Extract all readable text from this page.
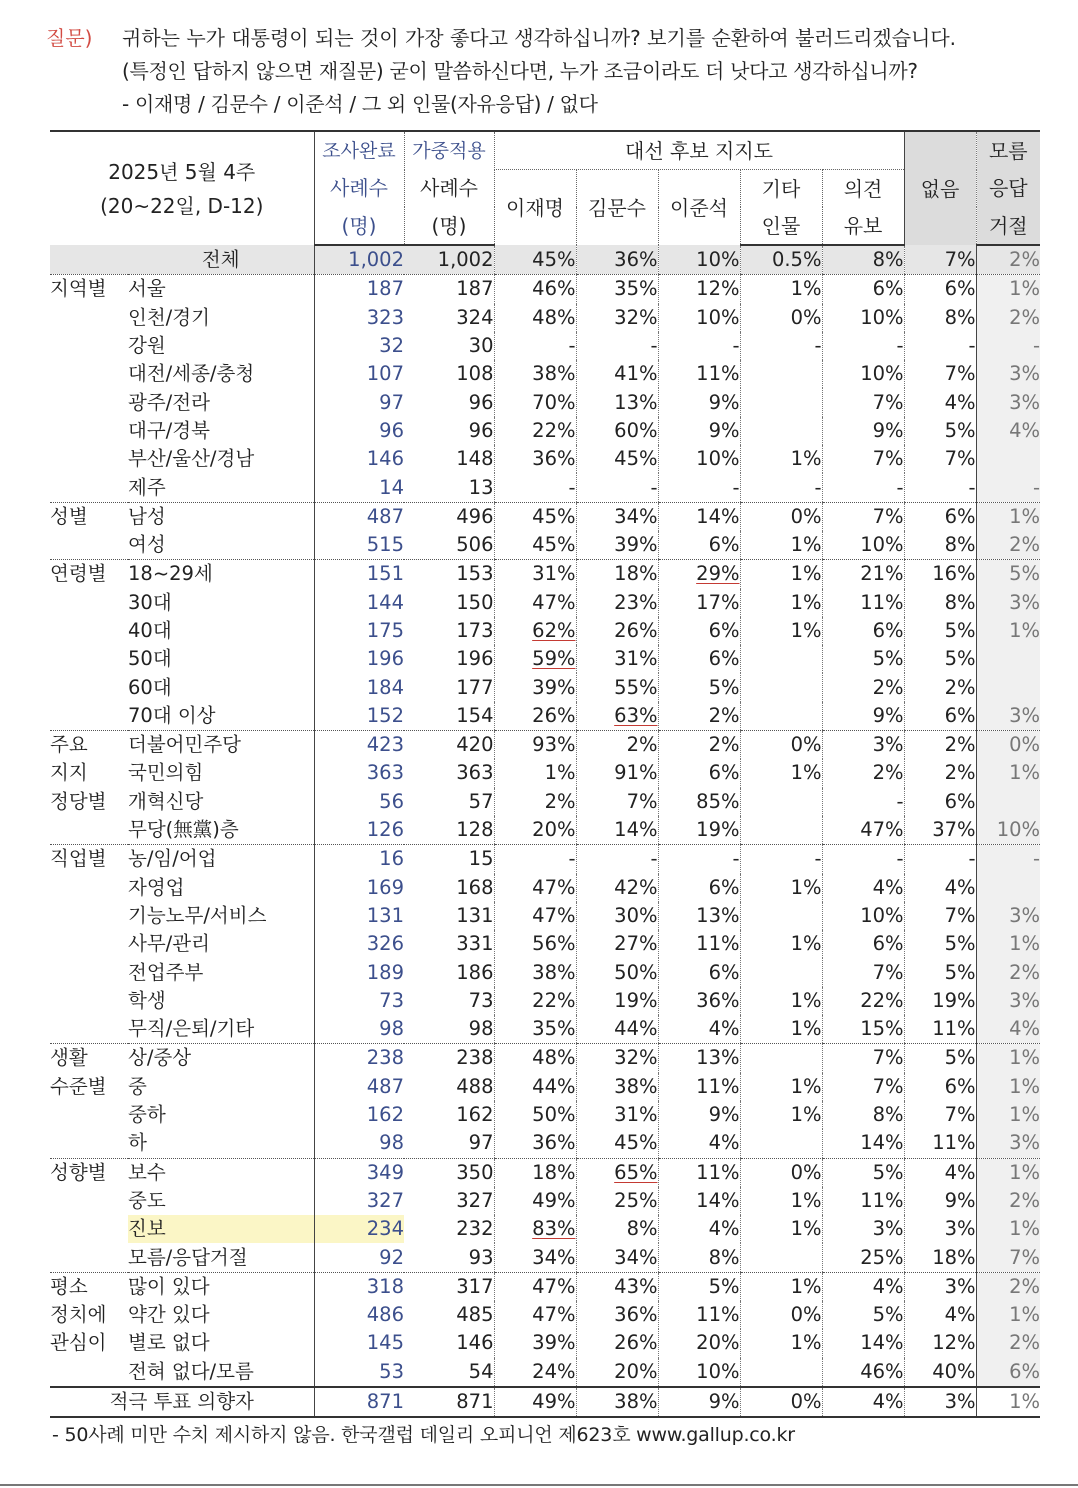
질문) 귀하는 누가 대통령이 되는 것이 가장 좋다고 생각하십니까? 보기를 순환하여 불러드리겠습니다.
(특정인 답하지 않으면 재질문) 굳이 말씀하신다면, 누가 조금이라도 더 낫다고 생각하십니까?
- 이재명 / 김문수 / 이준석 / 그 외 인물(자유응답) / 없다
2025년 5월 4주
(20~22일, D-12)		조사완료	가중적용	대선 후보 지지도					없음	모름
		사례수	사례수	이재명	김문수	이준석	기타	의견		응답
		(명)	(명)				인물	유보		거절
	전체	1,002	1,002	45%	36%	10%	0.5%	8%	7%	2%
지역별	서울	187	187	46%	35%	12%	1%	6%	6%	1%
	인천/경기	323	324	48%	32%	10%	0%	10%	8%	2%
	강원	32	30	-	-	-	-	-	-	-
	대전/세종/충청	107	108	38%	41%	11%		10%	7%	3%
	광주/전라	97	96	70%	13%	9%		7%	4%	3%
	대구/경북	96	96	22%	60%	9%		9%	5%	4%
	부산/울산/경남	146	148	36%	45%	10%	1%	7%	7%	
	제주	14	13	-	-	-	-	-	-	-
성별	남성	487	496	45%	34%	14%	0%	7%	6%	1%
	여성	515	506	45%	39%	6%	1%	10%	8%	2%
연령별	18~29세	151	153	31%	18%	29%	1%	21%	16%	5%
	30대	144	150	47%	23%	17%	1%	11%	8%	3%
	40대	175	173	62%	26%	6%	1%	6%	5%	1%
	50대	196	196	59%	31%	6%		5%	5%	
	60대	184	177	39%	55%	5%		2%	2%	
	70대 이상	152	154	26%	63%	2%		9%	6%	3%
주요	더불어민주당	423	420	93%	2%	2%	0%	3%	2%	0%
지지	국민의힘	363	363	1%	91%	6%	1%	2%	2%	1%
정당별	개혁신당	56	57	2%	7%	85%		-	6%	
	무당(無黨)층	126	128	20%	14%	19%		47%	37%	10%
직업별	농/임/어업	16	15	-	-	-	-	-	-	-
	자영업	169	168	47%	42%	6%	1%	4%	4%	
	기능노무/서비스	131	131	47%	30%	13%		10%	7%	3%
	사무/관리	326	331	56%	27%	11%	1%	6%	5%	1%
	전업주부	189	186	38%	50%	6%		7%	5%	2%
	학생	73	73	22%	19%	36%	1%	22%	19%	3%
	무직/은퇴/기타	98	98	35%	44%	4%	1%	15%	11%	4%
생활	상/중상	238	238	48%	32%	13%		7%	5%	1%
수준별	중	487	488	44%	38%	11%	1%	7%	6%	1%
	중하	162	162	50%	31%	9%	1%	8%	7%	1%
	하	98	97	36%	45%	4%		14%	11%	3%
성향별	보수	349	350	18%	65%	11%	0%	5%	4%	1%
	중도	327	327	49%	25%	14%	1%	11%	9%	2%
	진보	234	232	83%	8%	4%	1%	3%	3%	1%
	모름/응답거절	92	93	34%	34%	8%		25%	18%	7%
평소	많이 있다	318	317	47%	43%	5%	1%	4%	3%	2%
정치에	약간 있다	486	485	47%	36%	11%	0%	5%	4%	1%
관심이	별로 없다	145	146	39%	26%	20%	1%	14%	12%	2%
	전혀 없다/모름	53	54	24%	20%	10%		46%	40%	6%
적극 투표 의향자		871	871	49%	38%	9%	0%	4%	3%	1%
- 50사례 미만 수치 제시하지 않음. 한국갤럽 데일리 오피니언 제623호 www.gallup.co.kr
